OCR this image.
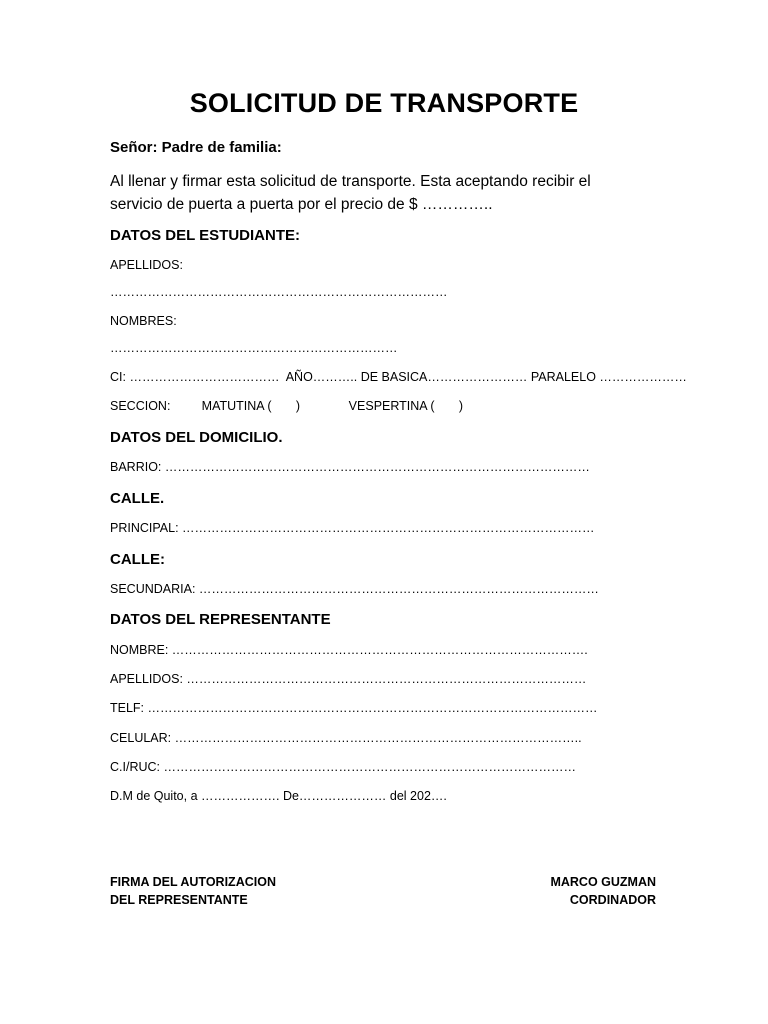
SOLICITUD DE TRANSPORTE
Señor: Padre de familia:
Al llenar y firmar esta solicitud de transporte. Esta aceptando recibir el
servicio de puerta a puerta por el precio de $ …………..
DATOS DEL ESTUDIANTE:
APELLIDOS:
………………………………………………………………………
NOMBRES:
……………………………………………………………
CI: ………………………………  AÑO……….. DE BASICA…………………… PARALELO …………………
SECCION:         MATUTINA (       )              VESPERTINA (       )
DATOS DEL DOMICILIO.
BARRIO: …………………………………………………………………………………………
CALLE.
PRINCIPAL: ………………………………………………………………………………………
CALLE:
SECUNDARIA: ……………………………………………………………………………………
DATOS DEL REPRESENTANTE
NOMBRE: ……………………………………………………………………………………….
APELLIDOS: ……………………………………………………………………………………
TELF: ………………………………………………………………………………………………
CELULAR: ……………………………………………………………………………………..
C.I/RUC: ………………………………………………………………………………………
D.M de Quito, a ………………. De………………… del 202….
FIRMA DEL AUTORIZACION
DEL REPRESENTANTE
MARCO GUZMAN
CORDINADOR
